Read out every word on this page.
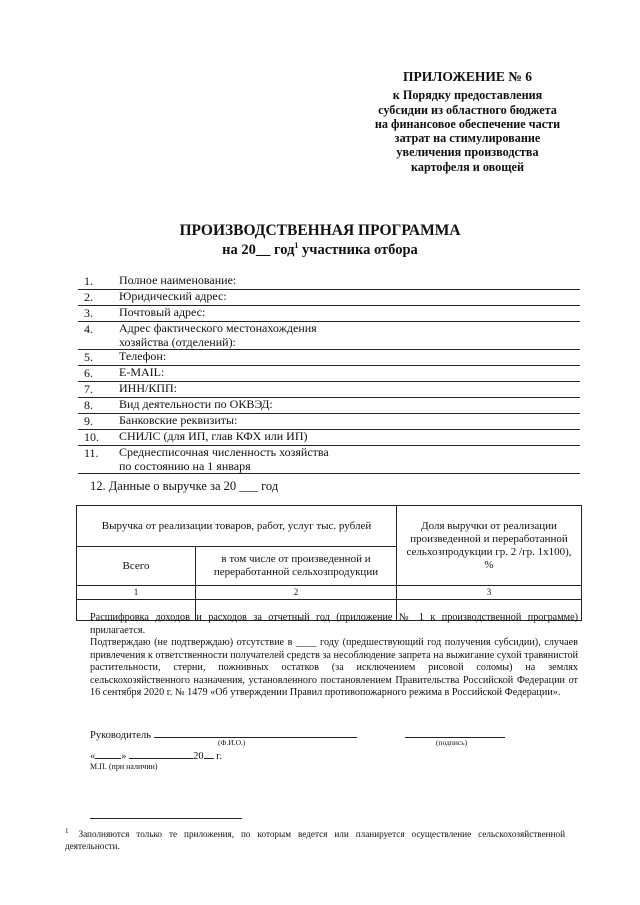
ПРИЛОЖЕНИЕ № 6
к Порядку предоставления
субсидии из областного бюджета
на финансовое обеспечение части
затрат на стимулирование
увеличения производства
картофеля и овощей
ПРОИЗВОДСТВЕННАЯ ПРОГРАММА
на 20__ год$^1$ участника отбора
1.	Полное наименование:
2.	Юридический адрес:
3.	Почтовый адрес:
4.	Адрес фактического местонахождения
хозяйства (отделений):
5.	Телефон:
6.	E-MAIL:
7.	ИНН/КПП:
8.	Вид деятельности по ОКВЭД:
9.	Банковские реквизиты:
10.	СНИЛС (для ИП, глав КФХ или ИП)
11.	Среднесписочная численность хозяйства
по состоянию на 1 января
12. Данные о выручке за 20 ___ год
Выручка от реализации товаров, работ, услуг тыс. рублей		Доля выручки от реализации произведенной и переработанной сельхозпродукции гр. 2 /гр. 1х100), %
Всего	в том числе от произведенной и переработанной сельхозпродукции	
1	2	3

Расшифровка доходов и расходов за отчетный год (приложение № 1 к производственной программе) прилагается.
Подтверждаю (не подтверждаю) отсутствие в ____ году (предшествующий год получения субсидии), случаев привлечения к ответственности получателей средств за несоблюдение запрета на выжигание сухой травянистой растительности, стерни, пожнивных остатков (за исключением рисовой соломы) на землях сельскохозяйственного назначения, установленного постановлением Правительства Российской Федерации от 16 сентября 2020 г. № 1479 «Об утверждении Правил противопожарного режима в Российской Федерации».
Руководитель
(Ф.И.О.)	(подпись)
« »	20 г.
М.П. (при наличии)
$^1$ Заполняются только те приложения, по которым ведется или планируется осуществление сельскохозяйственной деятельности.
